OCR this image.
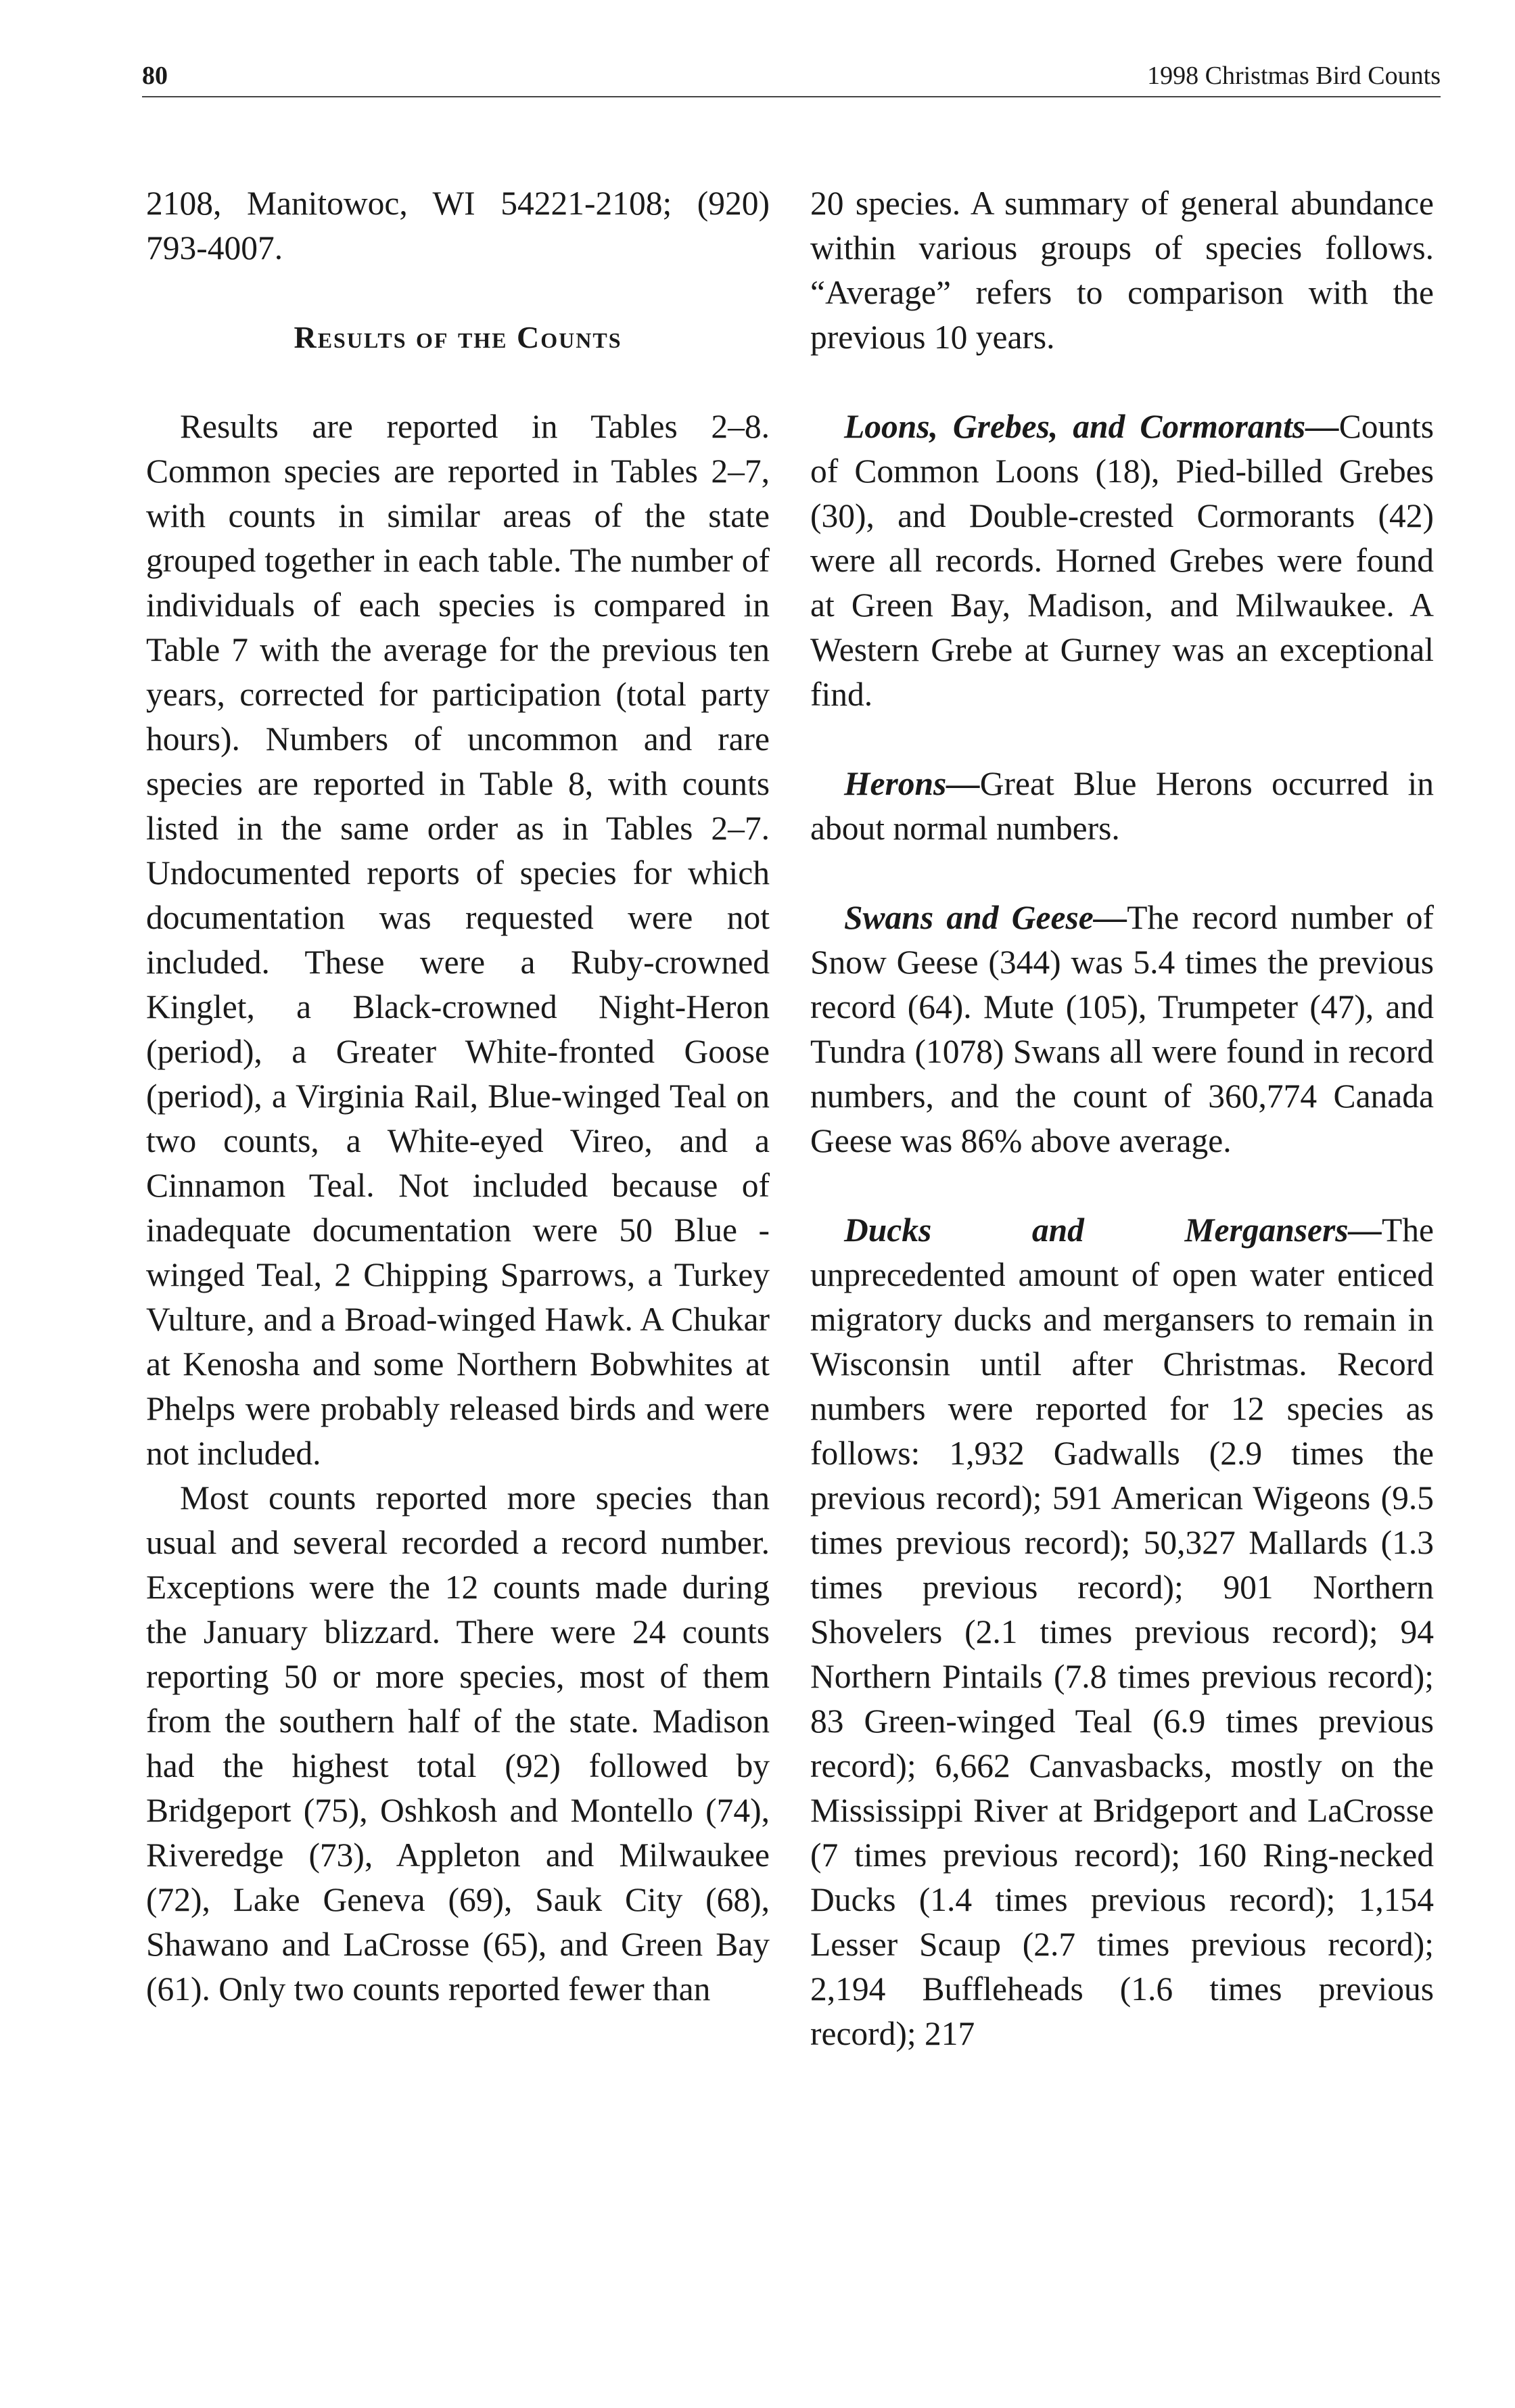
80	1998 Christmas Bird Counts

2108, Manitowoc, WI 54221-2108; (920) 793-4007.

Results of the Counts

Results are reported in Tables 2–8. Common species are reported in Tables 2–7, with counts in similar areas of the state grouped together in each table. The number of individuals of each species is compared in Table 7 with the average for the previous ten years, corrected for participation (total party hours). Numbers of uncommon and rare species are reported in Table 8, with counts listed in the same order as in Tables 2–7. Undocumented reports of species for which documentation was requested were not included. These were a Ruby-crowned Kinglet, a Black-crowned Night-Heron (period), a Greater White-fronted Goose (period), a Virginia Rail, Blue-winged Teal on two counts, a White-eyed Vireo, and a Cinnamon Teal. Not included because of inadequate documentation were 50 Blue -winged Teal, 2 Chipping Sparrows, a Turkey Vulture, and a Broad-winged Hawk. A Chukar at Kenosha and some Northern Bobwhites at Phelps were probably released birds and were not included.

Most counts reported more species than usual and several recorded a record number. Exceptions were the 12 counts made during the January blizzard. There were 24 counts reporting 50 or more species, most of them from the southern half of the state. Madison had the highest total (92) followed by Bridgeport (75), Oshkosh and Montello (74), Riveredge (73), Appleton and Milwaukee (72), Lake Geneva (69), Sauk City (68), Shawano and LaCrosse (65), and Green Bay (61). Only two counts reported fewer than

20 species. A summary of general abundance within various groups of species follows. “Average” refers to comparison with the previous 10 years.

Loons, Grebes, and Cormorants—Counts of Common Loons (18), Pied-billed Grebes (30), and Double-crested Cormorants (42) were all records. Horned Grebes were found at Green Bay, Madison, and Milwaukee. A Western Grebe at Gurney was an exceptional find.

Herons—Great Blue Herons occurred in about normal numbers.

Swans and Geese—The record number of Snow Geese (344) was 5.4 times the previous record (64). Mute (105), Trumpeter (47), and Tundra (1078) Swans all were found in record numbers, and the count of 360,774 Canada Geese was 86% above average.

Ducks and Mergansers—The unprecedented amount of open water enticed migratory ducks and mergansers to remain in Wisconsin until after Christmas. Record numbers were reported for 12 species as follows: 1,932 Gadwalls (2.9 times the previous record); 591 American Wigeons (9.5 times previous record); 50,327 Mallards (1.3 times previous record); 901 Northern Shovelers (2.1 times previous record); 94 Northern Pintails (7.8 times previous record); 83 Green-winged Teal (6.9 times previous record); 6,662 Canvasbacks, mostly on the Mississippi River at Bridgeport and LaCrosse (7 times previous record); 160 Ring-necked Ducks (1.4 times previous record); 1,154 Lesser Scaup (2.7 times previous record); 2,194 Buffleheads (1.6 times previous record); 217
